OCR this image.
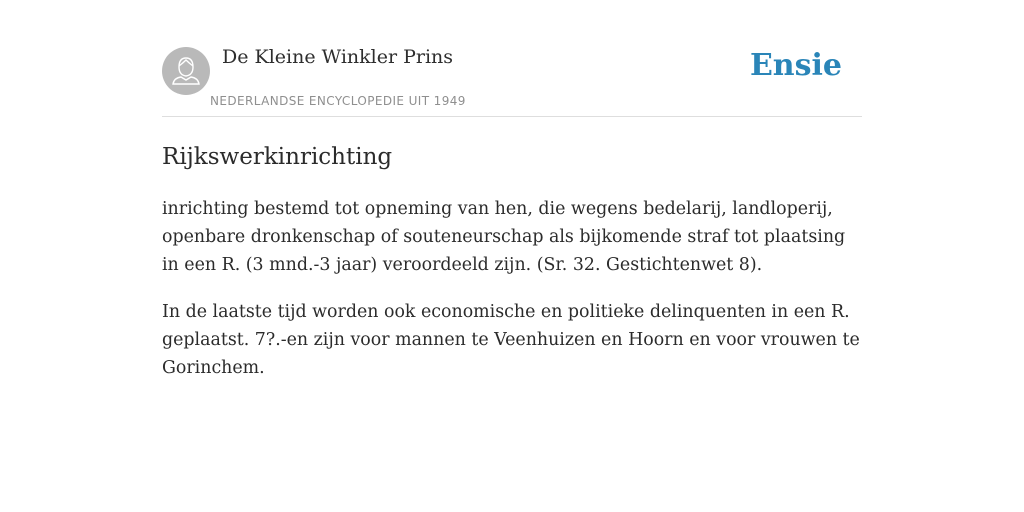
De Kleine Winkler Prins
NEDERLANDSE ENCYCLOPEDIE UIT 1949
Ensie
Rijkswerkinrichting

inrichting bestemd tot opneming van hen, die wegens bedelarij, landloperij, openbare dronkenschap of souteneurschap als bijkomende straf tot plaatsing in een R. (3 mnd.-3 jaar) veroordeeld zijn. (Sr. 32. Gestichtenwet 8).

In de laatste tijd worden ook economische en politieke delinquenten in een R. geplaatst. 7?.-en zijn voor mannen te Veenhuizen en Hoorn en voor vrouwen te Gorinchem.
